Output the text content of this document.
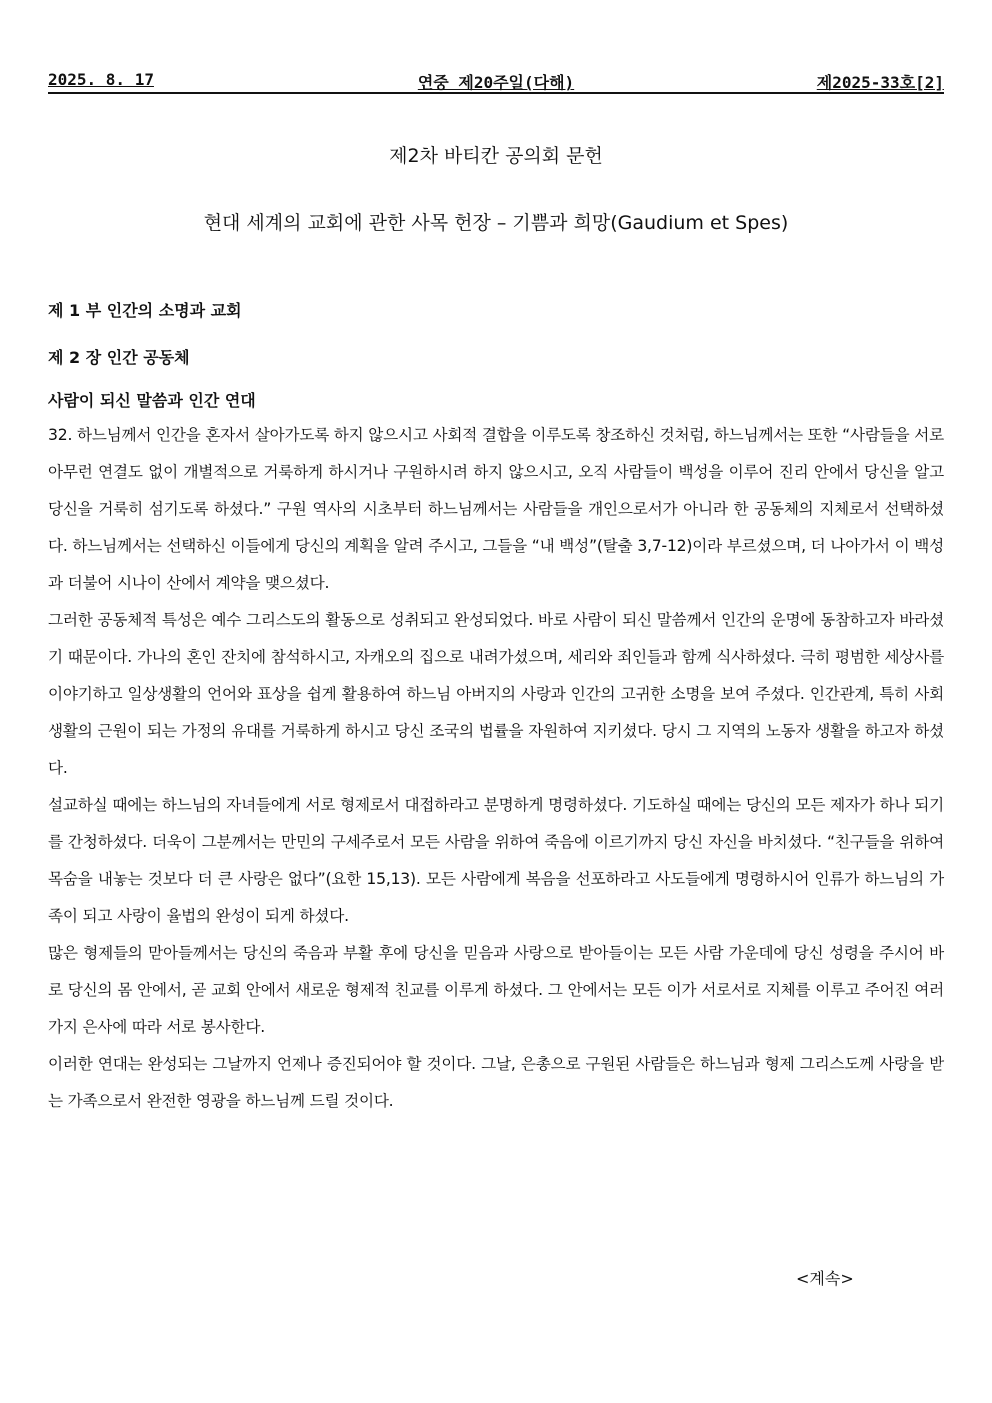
2025. 8. 17	연중 제20주일(다해)	제2025-33호[2]
제2차 바티칸 공의회 문헌
현대 세계의 교회에 관한 사목 헌장 – 기쁨과 희망(Gaudium et Spes)
제 1 부 인간의 소명과 교회
제 2 장 인간 공동체
사람이 되신 말씀과 인간 연대

32. 하느님께서 인간을 혼자서 살아가도록 하지 않으시고 사회적 결합을 이루도록 창조하신 것처럼, 하느님께서는 또한 “사람들을 서로 아무런 연결도 없이 개별적으로 거룩하게 하시거나 구원하시려 하지 않으시고, 오직 사람들이 백성을 이루어 진리 안에서 당신을 알고 당신을 거룩히 섬기도록 하셨다.” 구원 역사의 시초부터 하느님께서는 사람들을 개인으로서가 아니라 한 공동체의 지체로서 선택하셨다. 하느님께서는 선택하신 이들에게 당신의 계획을 알려 주시고, 그들을 “내 백성”(탈출 3,7-12)이라 부르셨으며, 더 나아가서 이 백성과 더불어 시나이 산에서 계약을 맺으셨다.

그러한 공동체적 특성은 예수 그리스도의 활동으로 성취되고 완성되었다. 바로 사람이 되신 말씀께서 인간의 운명에 동참하고자 바라셨기 때문이다. 가나의 혼인 잔치에 참석하시고, 자캐오의 집으로 내려가셨으며, 세리와 죄인들과 함께 식사하셨다. 극히 평범한 세상사를 이야기하고 일상생활의 언어와 표상을 쉽게 활용하여 하느님 아버지의 사랑과 인간의 고귀한 소명을 보여 주셨다. 인간관계, 특히 사회생활의 근원이 되는 가정의 유대를 거룩하게 하시고 당신 조국의 법률을 자원하여 지키셨다. 당시 그 지역의 노동자 생활을 하고자 하셨다.

설교하실 때에는 하느님의 자녀들에게 서로 형제로서 대접하라고 분명하게 명령하셨다. 기도하실 때에는 당신의 모든 제자가 하나 되기를 간청하셨다. 더욱이 그분께서는 만민의 구세주로서 모든 사람을 위하여 죽음에 이르기까지 당신 자신을 바치셨다. “친구들을 위하여 목숨을 내놓는 것보다 더 큰 사랑은 없다”(요한 15,13). 모든 사람에게 복음을 선포하라고 사도들에게 명령하시어 인류가 하느님의 가족이 되고 사랑이 율법의 완성이 되게 하셨다.

많은 형제들의 맏아들께서는 당신의 죽음과 부활 후에 당신을 믿음과 사랑으로 받아들이는 모든 사람 가운데에 당신 성령을 주시어 바로 당신의 몸 안에서, 곧 교회 안에서 새로운 형제적 친교를 이루게 하셨다. 그 안에서는 모든 이가 서로서로 지체를 이루고 주어진 여러 가지 은사에 따라 서로 봉사한다.

이러한 연대는 완성되는 그날까지 언제나 증진되어야 할 것이다. 그날, 은총으로 구원된 사람들은 하느님과 형제 그리스도께 사랑을 받는 가족으로서 완전한 영광을 하느님께 드릴 것이다.

<계속>
